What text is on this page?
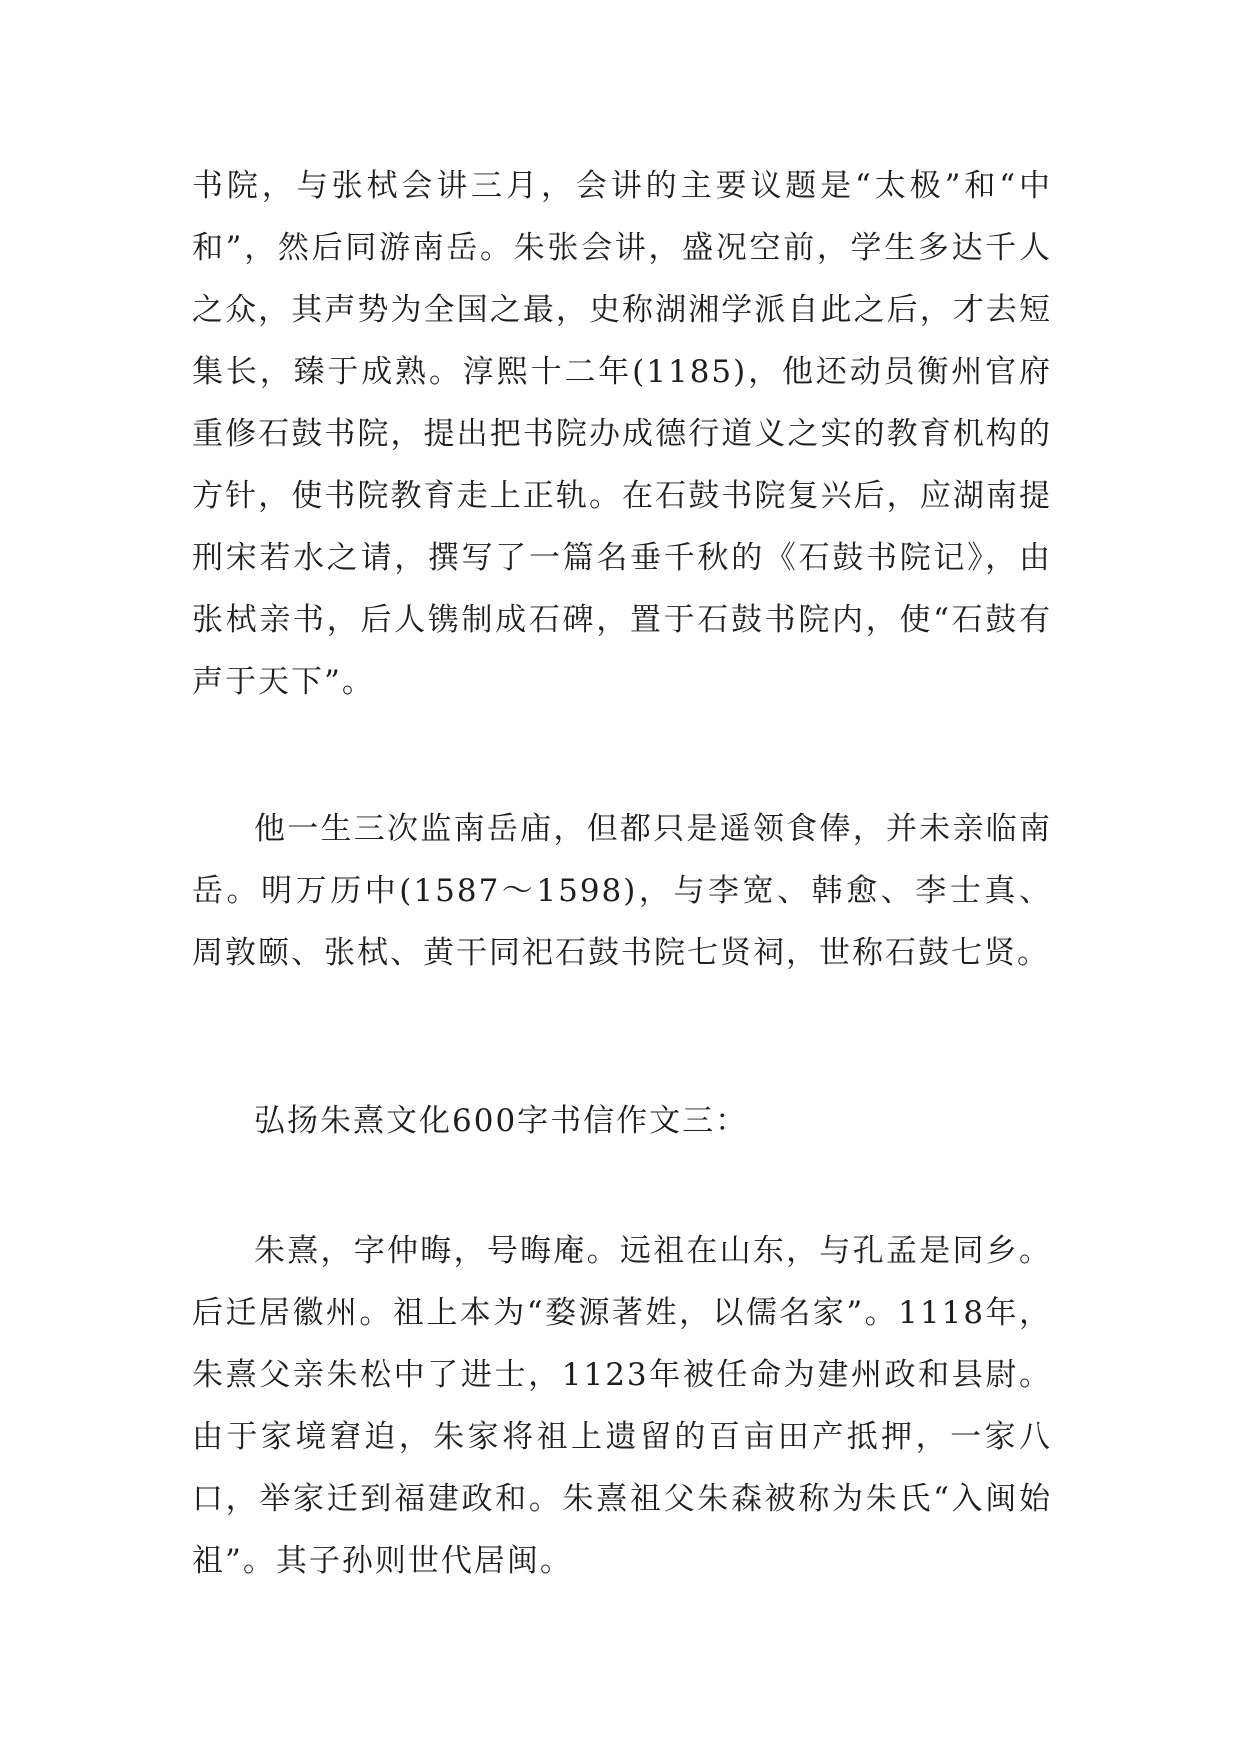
书院，与张栻会讲三月，会讲的主要议题是“太极”和“中和”，然后同游南岳。朱张会讲，盛况空前，学生多达千人之众，其声势为全国之最，史称湖湘学派自此之后，才去短集长，臻于成熟。淳熙十二年(1185)，他还动员衡州官府重修石鼓书院，提出把书院办成德行道义之实的教育机构的方针，使书院教育走上正轨。在石鼓书院复兴后，应湖南提刑宋若水之请，撰写了一篇名垂千秋的《石鼓书院记》，由张栻亲书，后人镌制成石碑，置于石鼓书院内，使“石鼓有声于天下”。

他一生三次监南岳庙，但都只是遥领食俸，并未亲临南岳。明万历中(1587～1598)，与李宽、韩愈、李士真、周敦颐、张栻、黄干同祀石鼓书院七贤祠，世称石鼓七贤。

弘扬朱熹文化600字书信作文三：

朱熹，字仲晦，号晦庵。远祖在山东，与孔孟是同乡。后迁居徽州。祖上本为“婺源著姓，以儒名家”。1118年，朱熹父亲朱松中了进士，1123年被任命为建州政和县尉。由于家境窘迫，朱家将祖上遗留的百亩田产抵押，一家八口，举家迁到福建政和。朱熹祖父朱森被称为朱氏“入闽始祖”。其子孙则世代居闽。
